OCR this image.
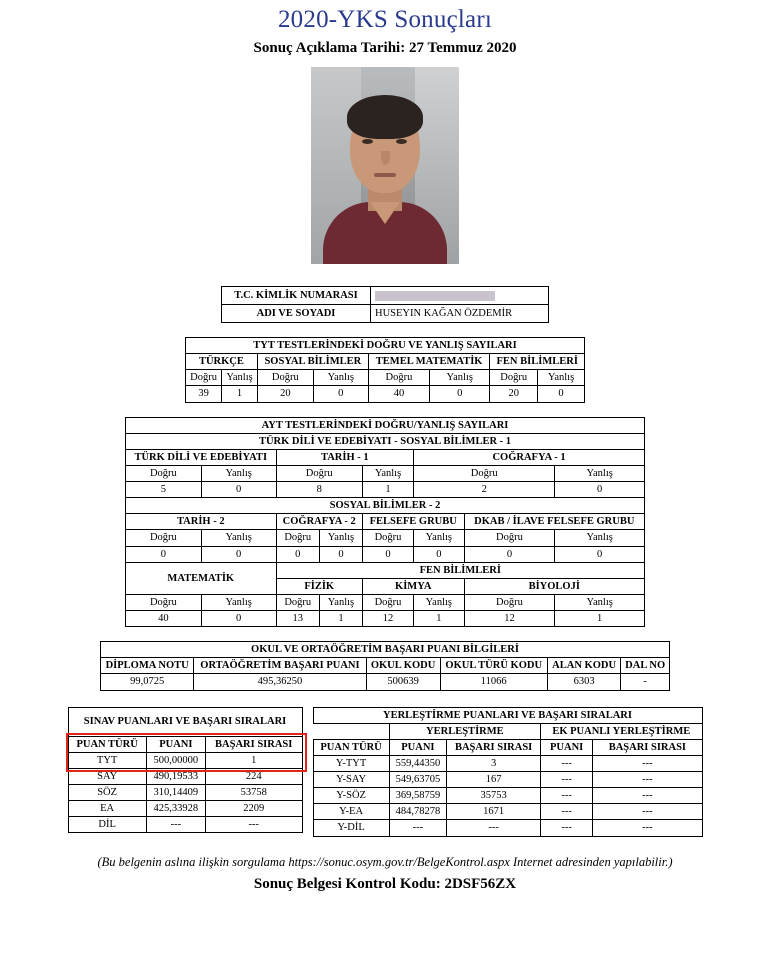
2020-YKS Sonuçları
Sonuç Açıklama Tarihi: 27 Temmuz 2020
T.C. KİMLİK NUMARASI	
ADI VE SOYADI	HUSEYIN KAĞAN ÖZDEMİR
TYT TESTLERİNDEKİ DOĞRU VE YANLIŞ SAYILARI							
TÜRKÇE		SOSYAL BİLİMLER		TEMEL MATEMATİK		FEN BİLİMLERİ	
Doğru	Yanlış	Doğru	Yanlış	Doğru	Yanlış	Doğru	Yanlış
39	1	20	0	40	0	20	0
AYT TESTLERİNDEKİ DOĞRU/YANLIŞ SAYILARI							
TÜRK DİLİ VE EDEBİYATI - SOSYAL BİLİMLER - 1							
TÜRK DİLİ VE EDEBİYATI		TARİH - 1			COĞRAFYA - 1		
Doğru	Yanlış	Doğru		Yanlış	Doğru		Yanlış
5	0	8		1	2		0
SOSYAL BİLİMLER - 2							
TARİH - 2		COĞRAFYA - 2		FELSEFE GRUBU		DKAB / İLAVE FELSEFE GRUBU	
Doğru	Yanlış	Doğru	Yanlış	Doğru	Yanlış	Doğru	Yanlış
0	0	0	0	0	0	0	0
MATEMATİK		FEN BİLİMLERİ					
		FİZİK		KİMYA		BİYOLOJİ	
Doğru	Yanlış	Doğru	Yanlış	Doğru	Yanlış	Doğru	Yanlış
40	0	13	1	12	1	12	1
OKUL VE ORTAÖĞRETİM BAŞARI PUANI BİLGİLERİ					
DİPLOMA NOTU	ORTAÖĞRETİM BAŞARI PUANI	OKUL KODU	OKUL TÜRÜ KODU	ALAN KODU	DAL NO
99,0725	495,36250	500639	11066	6303	-
SINAV PUANLARI VE BAŞARI SIRALARI		
PUAN TÜRÜ	PUANI	BAŞARI SIRASI
TYT	500,00000	1
SAY	490,19533	224
SÖZ	310,14409	53758
EA	425,33928	2209
DİL	---	---
YERLEŞTİRME PUANLARI VE BAŞARI SIRALARI				
	YERLEŞTİRME		EK PUANLI YERLEŞTİRME	
PUAN TÜRÜ	PUANI	BAŞARI SIRASI	PUANI	BAŞARI SIRASI
Y-TYT	559,44350	3	---	---
Y-SAY	549,63705	167	---	---
Y-SÖZ	369,58759	35753	---	---
Y-EA	484,78278	1671	---	---
Y-DİL	---	---	---	---
(Bu belgenin aslına ilişkin sorgulama https://sonuc.osym.gov.tr/BelgeKontrol.aspx Internet adresinden yapılabilir.)
Sonuç Belgesi Kontrol Kodu: 2DSF56ZX
